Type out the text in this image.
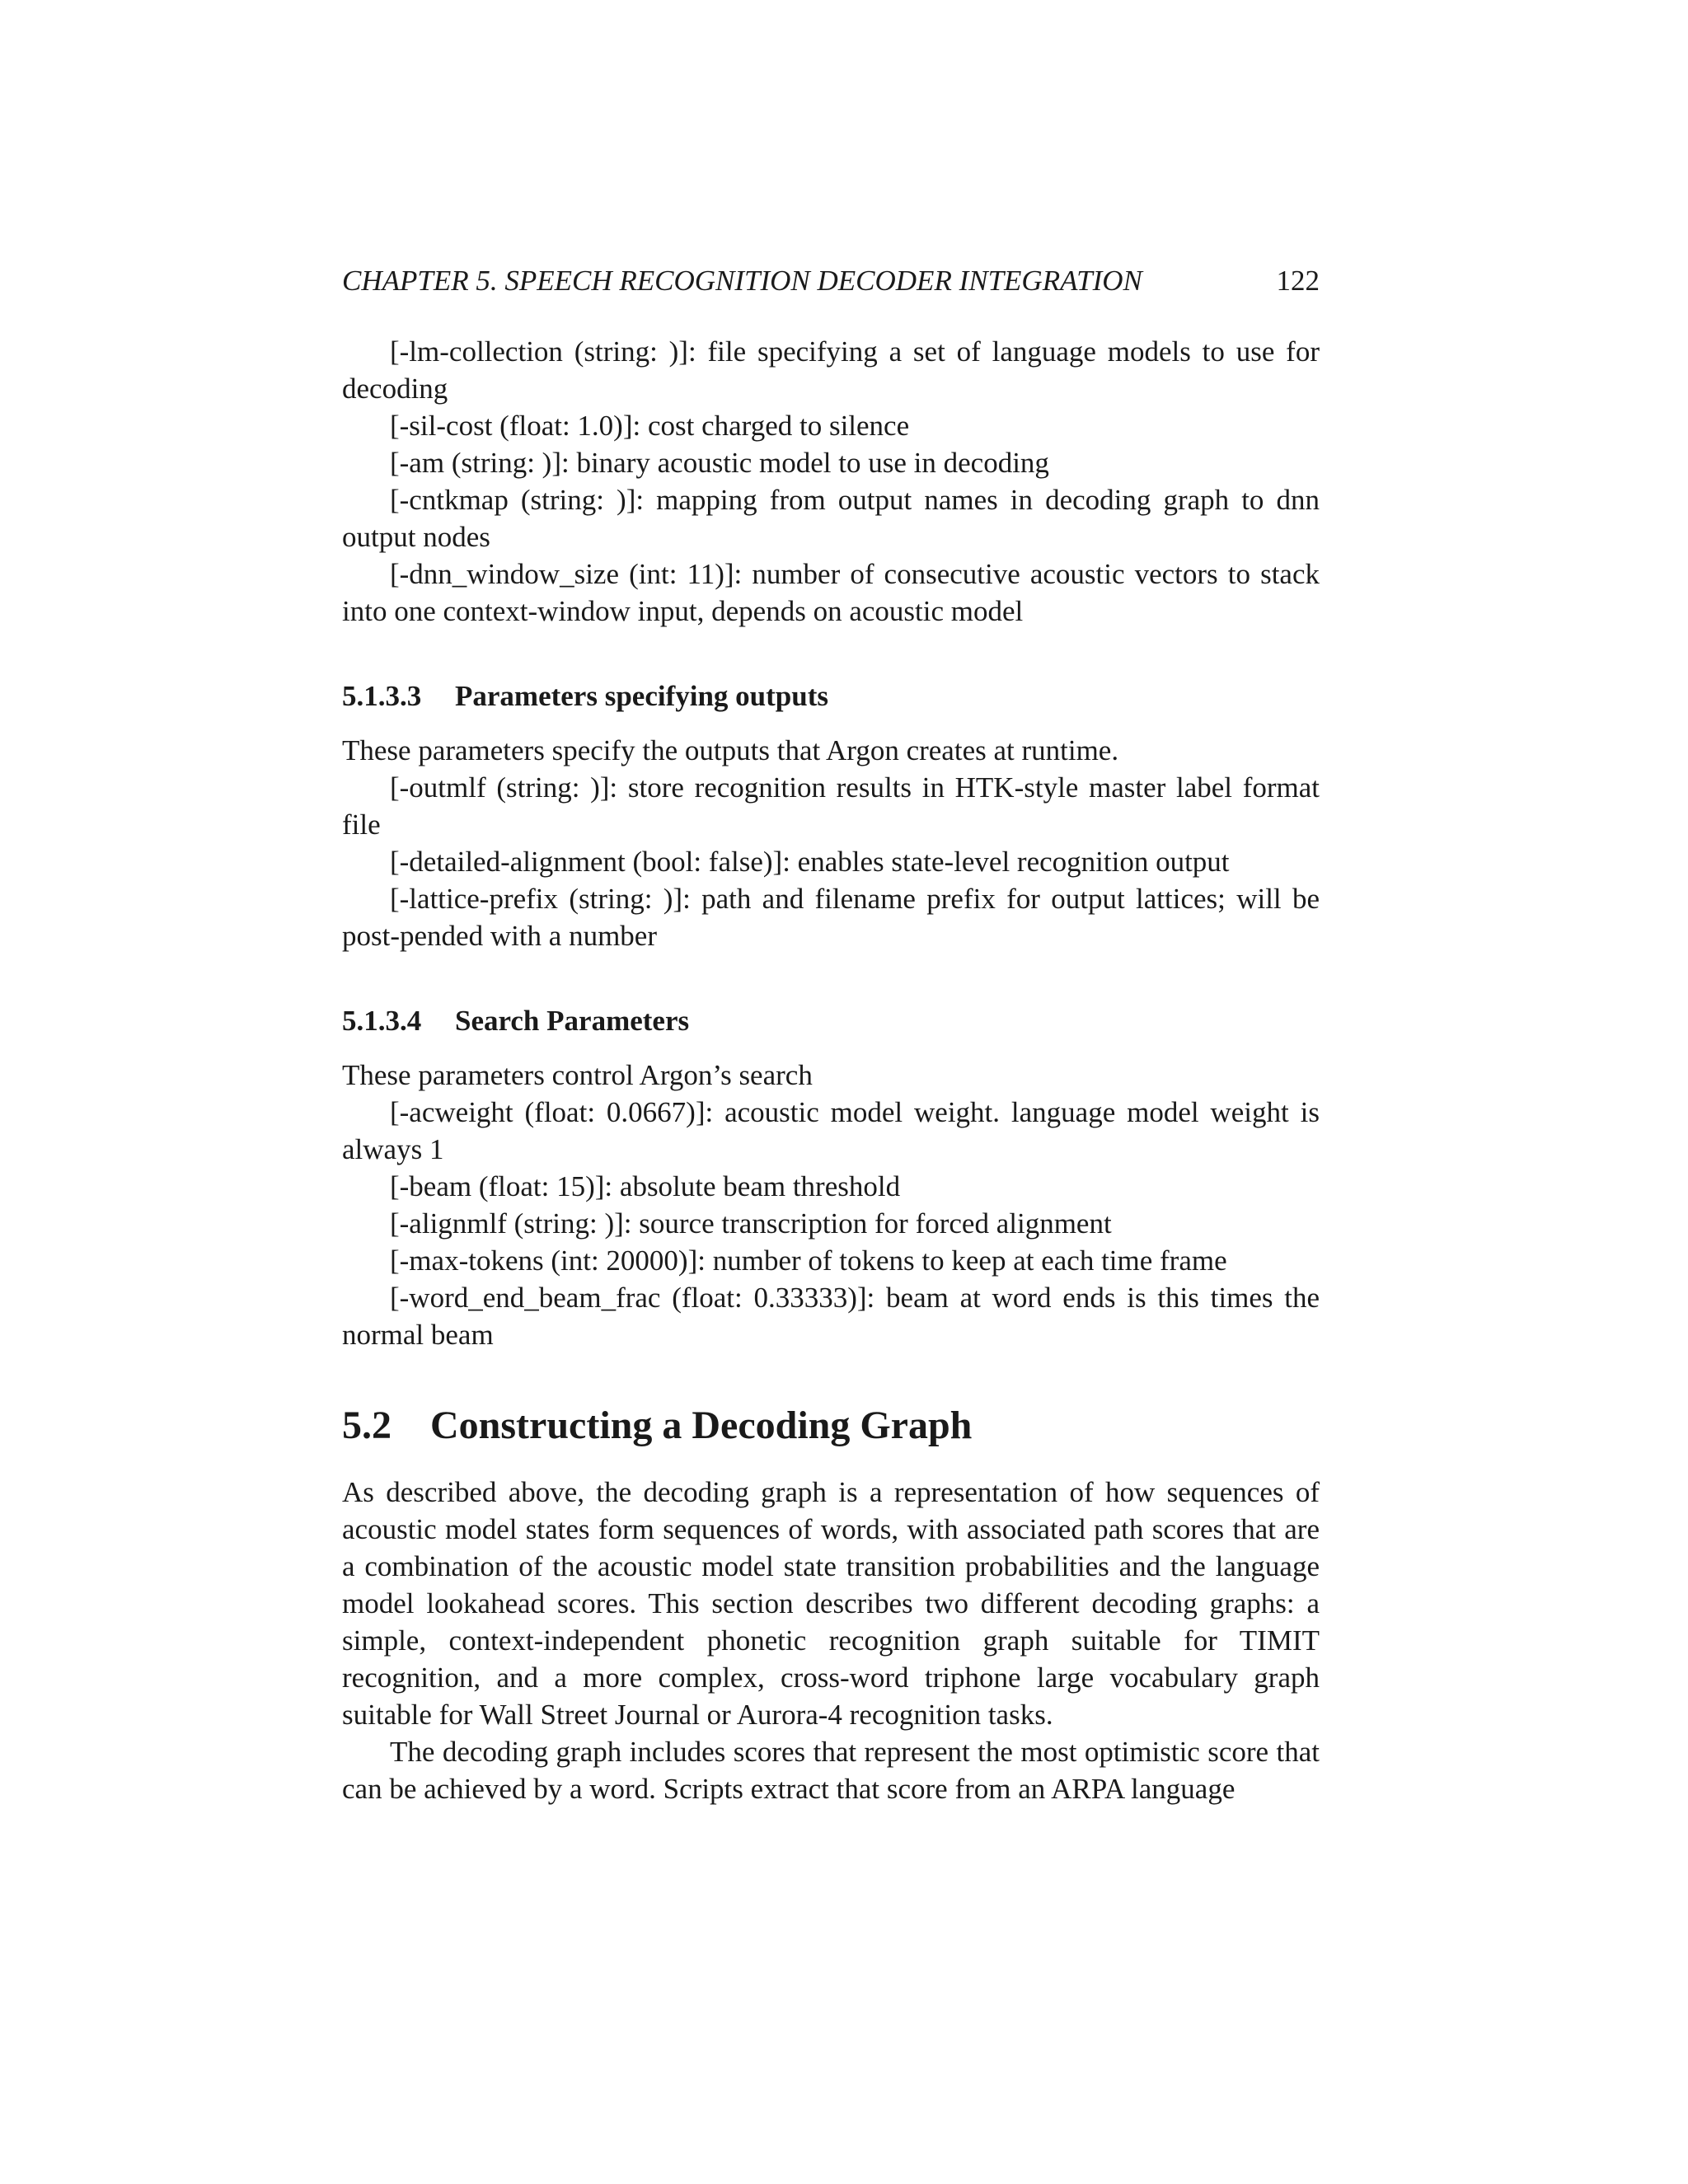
CHAPTER 5. SPEECH RECOGNITION DECODER INTEGRATION	122

[-lm-collection (string: )]: file specifying a set of language models to use for decoding

[-sil-cost (float: 1.0)]: cost charged to silence

[-am (string: )]: binary acoustic model to use in decoding

[-cntkmap (string: )]: mapping from output names in decoding graph to dnn output nodes

[-dnn_window_size (int: 11)]: number of consecutive acoustic vectors to stack into one context-window input, depends on acoustic model

5.1.3.3	Parameters specifying outputs

These parameters specify the outputs that Argon creates at runtime.

[-outmlf (string: )]: store recognition results in HTK-style master label format file

[-detailed-alignment (bool: false)]: enables state-level recognition output

[-lattice-prefix (string: )]: path and filename prefix for output lattices; will be post-pended with a number

5.1.3.4	Search Parameters

These parameters control Argon’s search

[-acweight (float: 0.0667)]: acoustic model weight. language model weight is always 1

[-beam (float: 15)]: absolute beam threshold

[-alignmlf (string: )]: source transcription for forced alignment

[-max-tokens (int: 20000)]: number of tokens to keep at each time frame

[-word_end_beam_frac (float: 0.33333)]: beam at word ends is this times the normal beam

5.2 Constructing a Decoding Graph

As described above, the decoding graph is a representation of how sequences of acoustic model states form sequences of words, with associated path scores that are a combination of the acoustic model state transition probabilities and the language model lookahead scores. This section describes two different decoding graphs: a simple, context-independent phonetic recognition graph suitable for TIMIT recognition, and a more complex, cross-word triphone large vocabulary graph suitable for Wall Street Journal or Aurora-4 recognition tasks.

The decoding graph includes scores that represent the most optimistic score that can be achieved by a word. Scripts extract that score from an ARPA language
